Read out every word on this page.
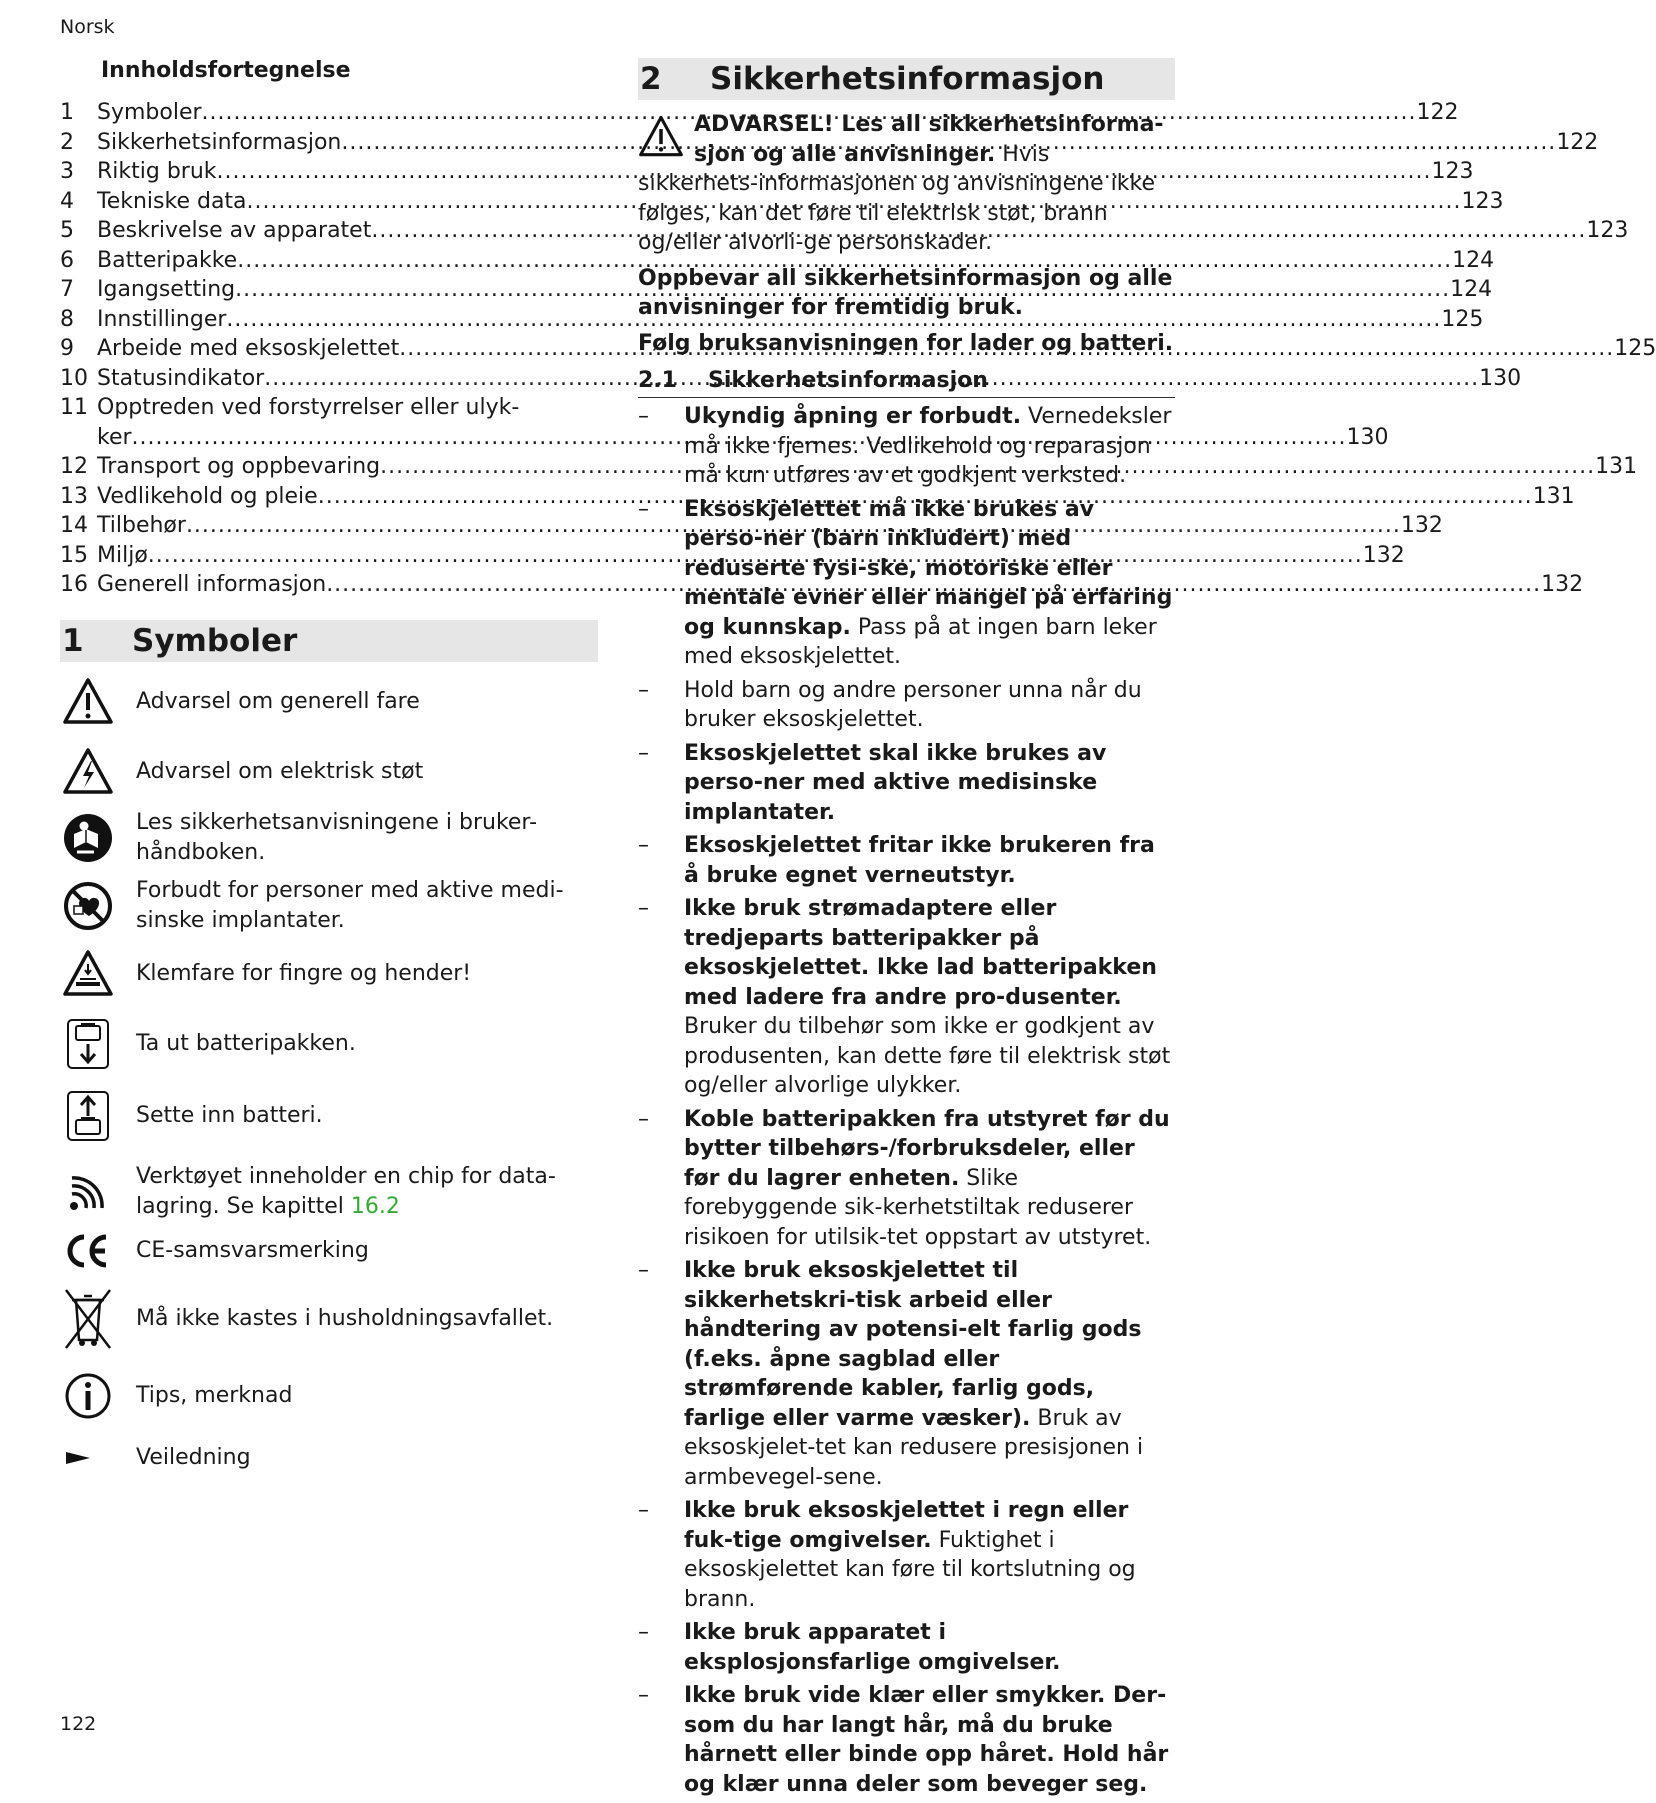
Norsk
Innholdsfortegnelse
1	Symboler .....	122
2	Sikkerhetsinformasjon .....	122
3	Riktig bruk .....	123
4	Tekniske data .....	123
5	Beskrivelse av apparatet .....	123
6	Batteripakke .....	124
7	Igangsetting .....	124
8	Innstillinger .....	125
9	Arbeide med eksoskjelettet .....	125
10 Statusindikator .....	130
11 Opptreden ved forstyrrelser eller ulyk-
ker .....	130
12 Transport og oppbevaring .....	131
13 Vedlikehold og pleie .....	131
14 Tilbehør .....	132
15 Miljø .....	132
16 Generell informasjon .....	132
1	Symboler
Advarsel om generell fare
Advarsel om elektrisk støt
Les sikkerhetsanvisningene i bruker-
håndboken.
Forbudt for personer med aktive medi-
sinske implantater.
Klemfare for fingre og hender!
Ta ut batteripakken.
Sette inn batteri.
Verktøyet inneholder en chip for data-
lagring. Se kapittel 16.2
CE-samsvarsmerking
Må ikke kastes i husholdningsavfallet.
Tips, merknad
Veiledning
2	Sikkerhetsinformasjon
ADVARSEL! Les all sikkerhetsinforma-​sjon og alle anvisninger. Hvis sikkerhets-​informasjonen og anvisningene ikke følges, kan det føre til elektrisk støt, brann og/eller alvorli-​ge personskader.
Oppbevar all sikkerhetsinformasjon og alle anvisninger for fremtidig bruk.
Følg bruksanvisningen for lader og batteri.
2.1	Sikkerhetsinformasjon
–	Ukyndig åpning er forbudt. Vernedeksler må ikke fjernes. Vedlikehold og reparasjon må kun utføres av et godkjent verksted.
–	Eksoskjelettet må ikke brukes av perso-​ner (barn inkludert) med reduserte fysi-​ske, motoriske eller mentale evner eller mangel på erfaring og kunnskap. Pass på at ingen barn leker med eksoskjelettet.
–	Hold barn og andre personer unna når du bruker eksoskjelettet.
–	Eksoskjelettet skal ikke brukes av perso-​ner med aktive medisinske implantater.
–	Eksoskjelettet fritar ikke brukeren fra å bruke egnet verneutstyr.
–	Ikke bruk strømadaptere eller tredjeparts batteripakker på eksoskjelettet. Ikke lad batteripakken med ladere fra andre pro-​dusenter. Bruker du tilbehør som ikke er godkjent av produsenten, kan dette føre til elektrisk støt og/eller alvorlige ulykker.
–	Koble batteripakken fra utstyret før du bytter tilbehørs-/forbruksdeler, eller før du lagrer enheten. Slike forebyggende sik-​kerhetstiltak reduserer risikoen for utilsik-​tet oppstart av utstyret.
–	Ikke bruk eksoskjelettet til sikkerhetskri-​tisk arbeid eller håndtering av potensi-​elt farlig gods (f.eks. åpne sagblad eller strømførende kabler, farlig gods, farlige eller varme væsker). Bruk av eksoskjelet-​tet kan redusere presisjonen i armbevegel-​sene.
–	Ikke bruk eksoskjelettet i regn eller fuk-​tige omgivelser. Fuktighet i eksoskjelettet kan føre til kortslutning og brann.
–	Ikke bruk apparatet i eksplosjonsfarlige omgivelser.
–	Ikke bruk vide klær eller smykker. Der-​som du har langt hår, må du bruke hårnett eller binde opp håret. Hold hår og klær unna deler som beveger seg.
122
